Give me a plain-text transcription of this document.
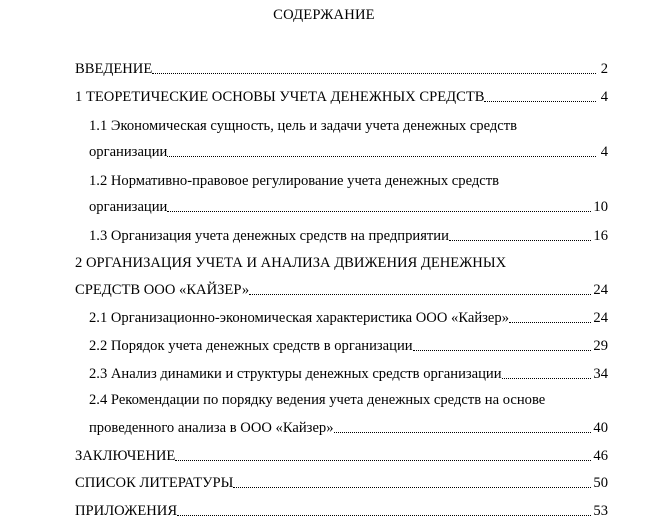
СОДЕРЖАНИЕ
ВВЕДЕНИЕ	2
1 ТЕОРЕТИЧЕСКИЕ ОСНОВЫ УЧЕТА ДЕНЕЖНЫХ СРЕДСТВ	4
1.1 Экономическая сущность, цель и задачи учета денежных средств
организации	4
1.2 Нормативно-правовое регулирование учета денежных средств
организации	10
1.3 Организация учета денежных средств на предприятии	16
2 ОРГАНИЗАЦИЯ УЧЕТА И АНАЛИЗА ДВИЖЕНИЯ ДЕНЕЖНЫХ
СРЕДСТВ ООО «КАЙЗЕР»	24
2.1 Организационно-экономическая характеристика ООО «Кайзер»	24
2.2 Порядок учета денежных средств в организации	29
2.3 Анализ динамики и структуры денежных средств организации	34
2.4 Рекомендации по порядку ведения учета денежных средств на основе
проведенного анализа в ООО «Кайзер»	40
ЗАКЛЮЧЕНИЕ	46
СПИСОК ЛИТЕРАТУРЫ	50
ПРИЛОЖЕНИЯ	53
